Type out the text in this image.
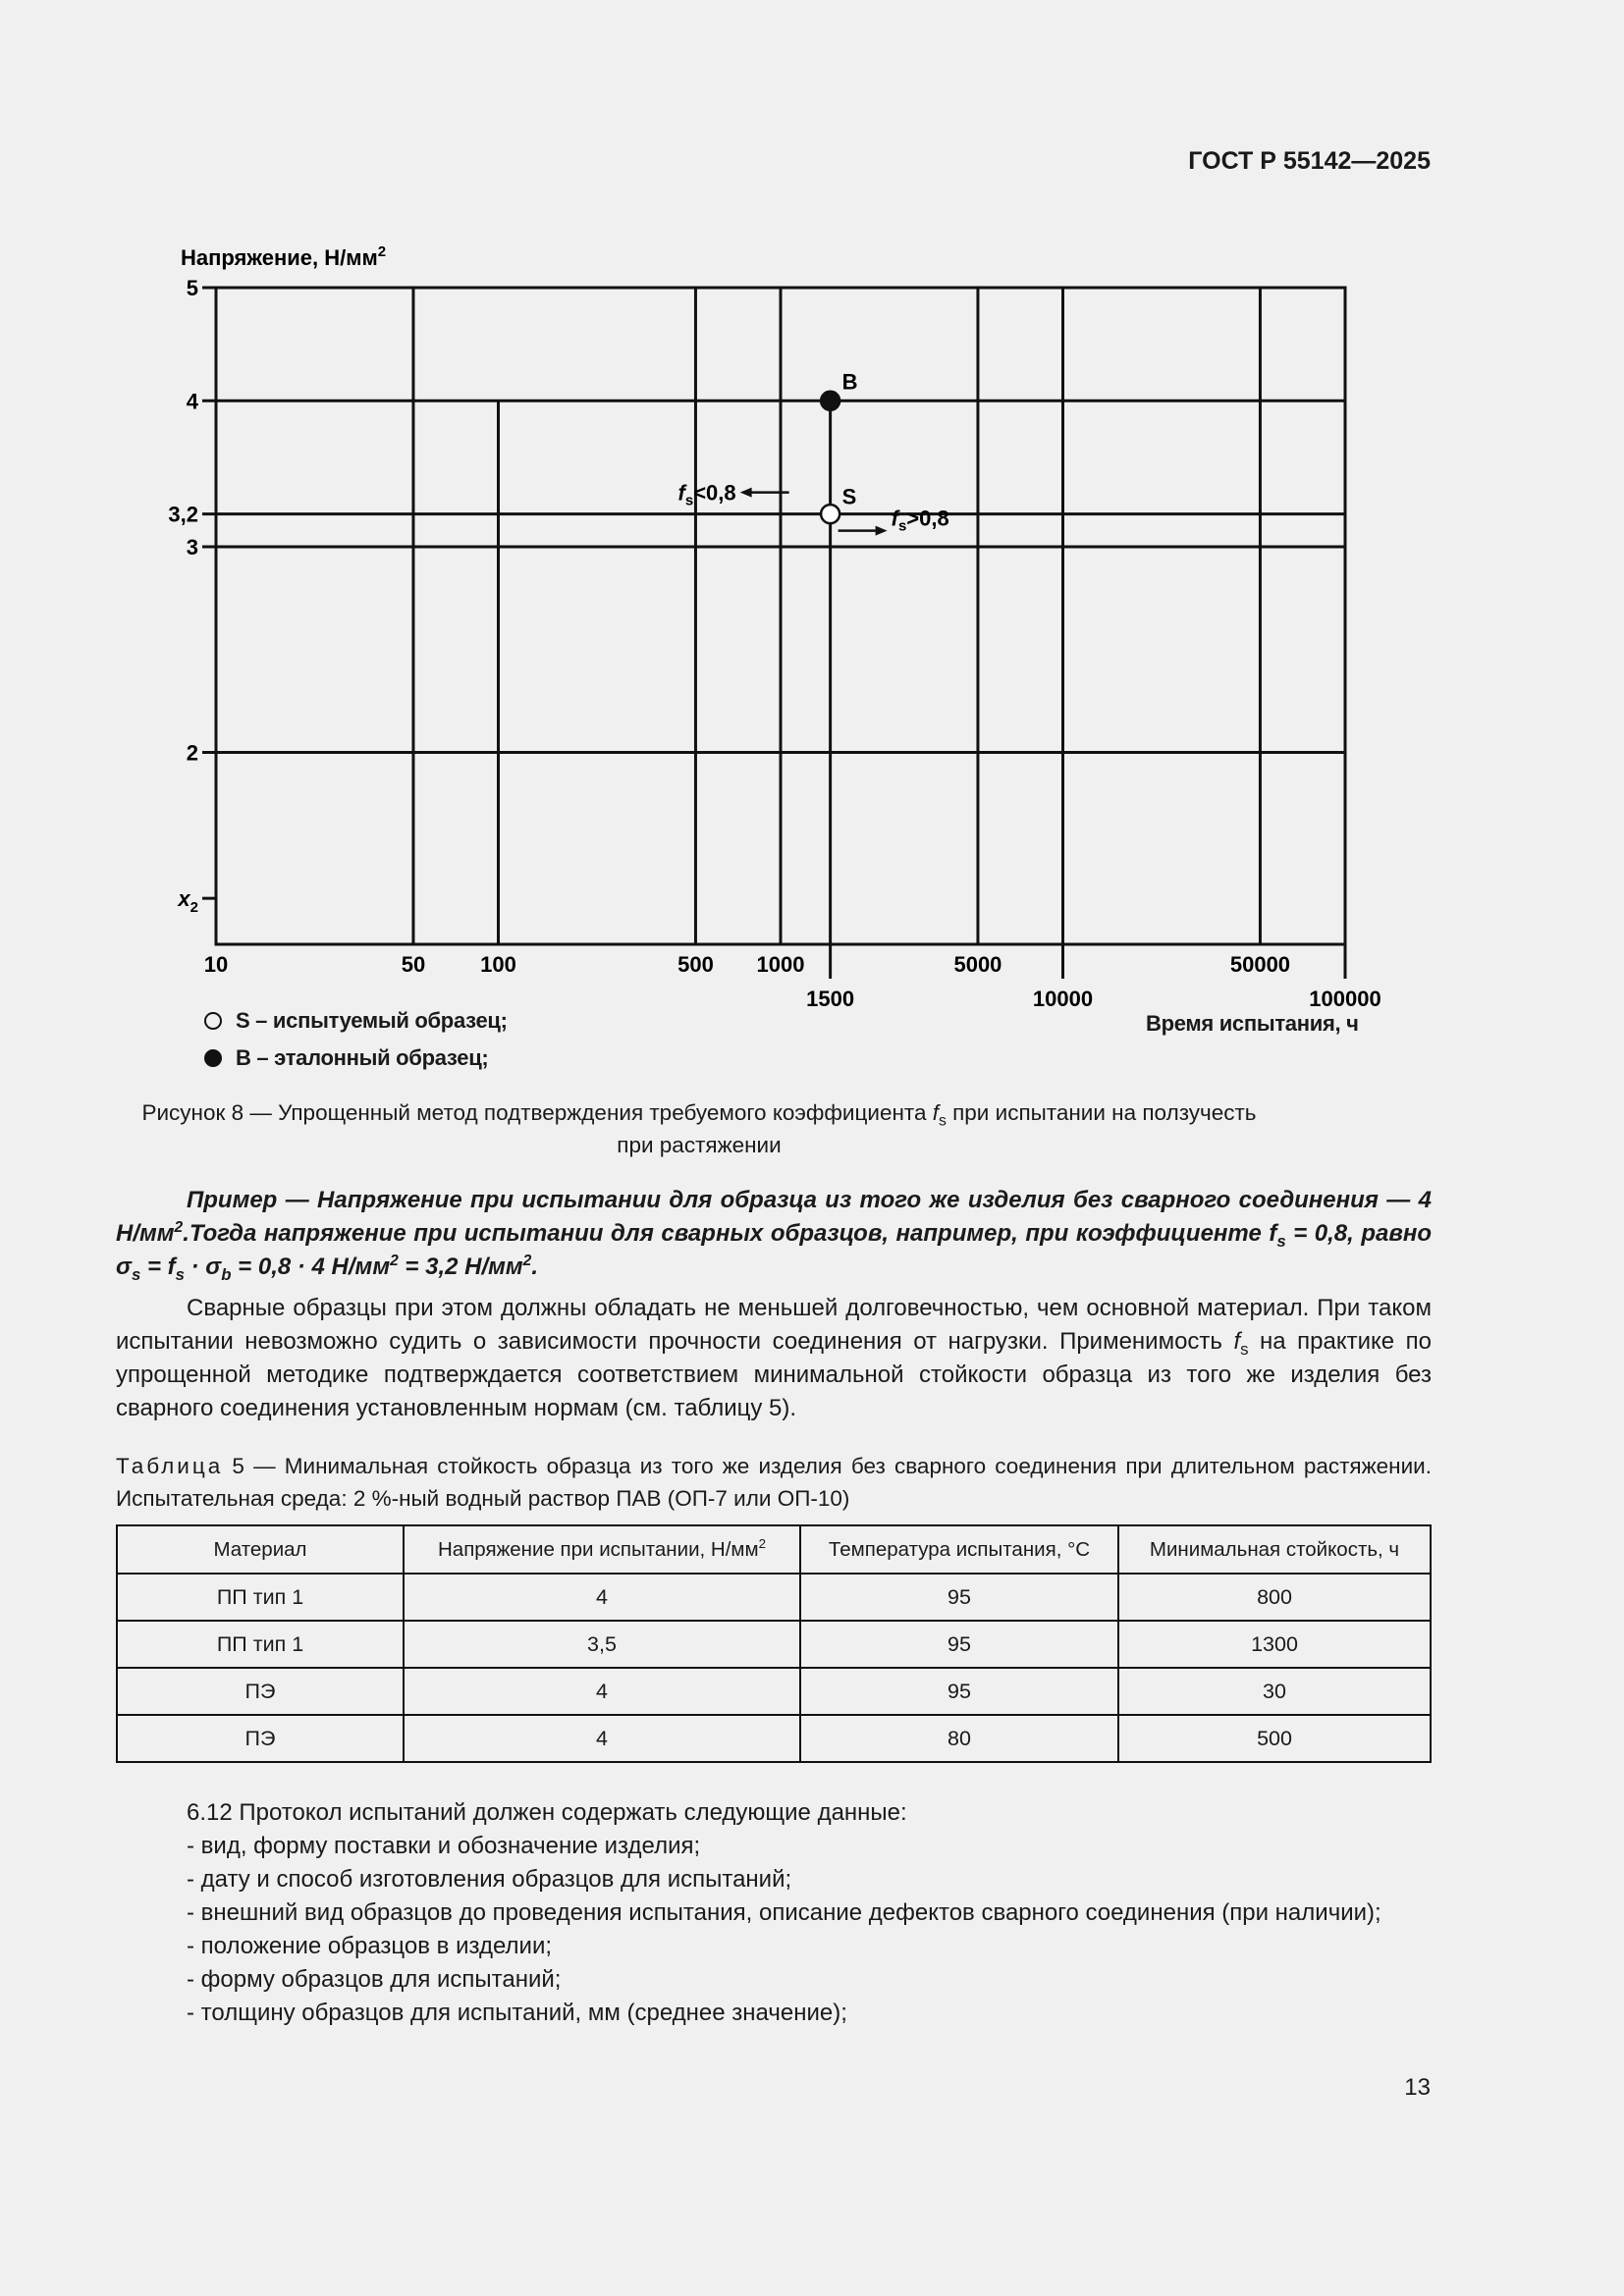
ГОСТ Р 55142—2025
Напряжение, $Н/мм^2$
5
4
3,2
3
2
$x_2$
10	50	100	500 1000	5000	50000
1500	10000	100000
B
S
$f_s<0,8$
$f_s>0,8$
S – испытуемый образец;
B – эталонный образец;
Время испытания, ч
Рисунок 8 — Упрощенный метод подтверждения требуемого коэффициента $f_s$ при испытании на ползучесть
при растяжении
Пример — Напряжение при испытании для образца из того же изделия без сварного соединения — 4 $Н/мм^2.Тогда$ напряжение при испытании для сварных образцов, например, при коэффициенте $f_s = 0,8$, равно $\sigma_s = f_s \cdot \sigma_b = 0,8 \cdot 4$ $Н/мм^2 = 3,2$ $Н/мм^2$.
Сварные образцы при этом должны обладать не меньшей долговечностью, чем основной материал. При таком испытании невозможно судить о зависимости прочности соединения от нагрузки. Применимость $f_s$ на практике по упрощенной методике подтверждается соответствием минимальной стойкости образца из того же изделия без сварного соединения установленным нормам (см. таблицу 5).
Таблица 5 — Минимальная стойкость образца из того же изделия без сварного соединения при длительном растяжении. Испытательная среда: 2 %-ный водный раствор ПАВ (ОП-7 или ОП-10)
Материал	Напряжение при испытании, $Н/мм^2$	Температура испытания, °С	Минимальная стойкость, ч
ПП тип 1	4	95	800
ПП тип 1	3,5	95	1300
ПЭ	4	95	30
ПЭ	4	80	500
6.12 Протокол испытаний должен содержать следующие данные:
- вид, форму поставки и обозначение изделия;
- дату и способ изготовления образцов для испытаний;
- внешний вид образцов до проведения испытания, описание дефектов сварного соединения (при наличии);
- положение образцов в изделии;
- форму образцов для испытаний;
- толщину образцов для испытаний, мм (среднее значение);
13
